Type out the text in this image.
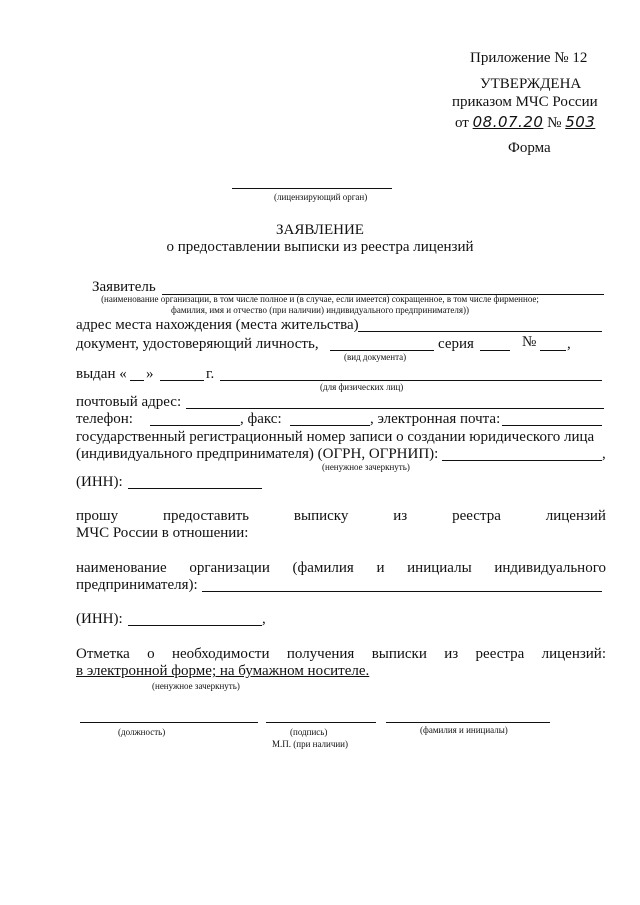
Приложение № 12
УТВЕРЖДЕНА
приказом МЧС России
от 08.07.20 № 503
Форма
(лицензирующий орган)
ЗАЯВЛЕНИЕ
о предоставлении выписки из реестра лицензий
Заявитель
(наименование организации, в том числе полное и (в случае, если имеется) сокращенное, в том числе фирменное;
фамилия, имя и отчество (при наличии) индивидуального предпринимателя))
адрес места нахождения (места жительства)
документ, удостоверяющий личность,	серия	№ ,
(вид документа)
выдан « »	г.
(для физических лиц)
почтовый адрес:
телефон:	, факс:	, электронная почта:
государственный регистрационный номер записи о создании юридического лица
(индивидуального предпринимателя) (ОГРН, ОГРНИП):	,
(ненужное зачеркнуть)
(ИНН):
прошу	предоставить	выписку	из	реестра	лицензий
МЧС России в отношении:
наименование организации (фамилия и инициалы индивидуального
предпринимателя):
(ИНН):	,
Отметка о необходимости получения выписки из реестра лицензий:
в электронной форме; на бумажном носителе.
(ненужное зачеркнуть)
(должность)	(подпись)	(фамилия и инициалы)
М.П. (при наличии)
